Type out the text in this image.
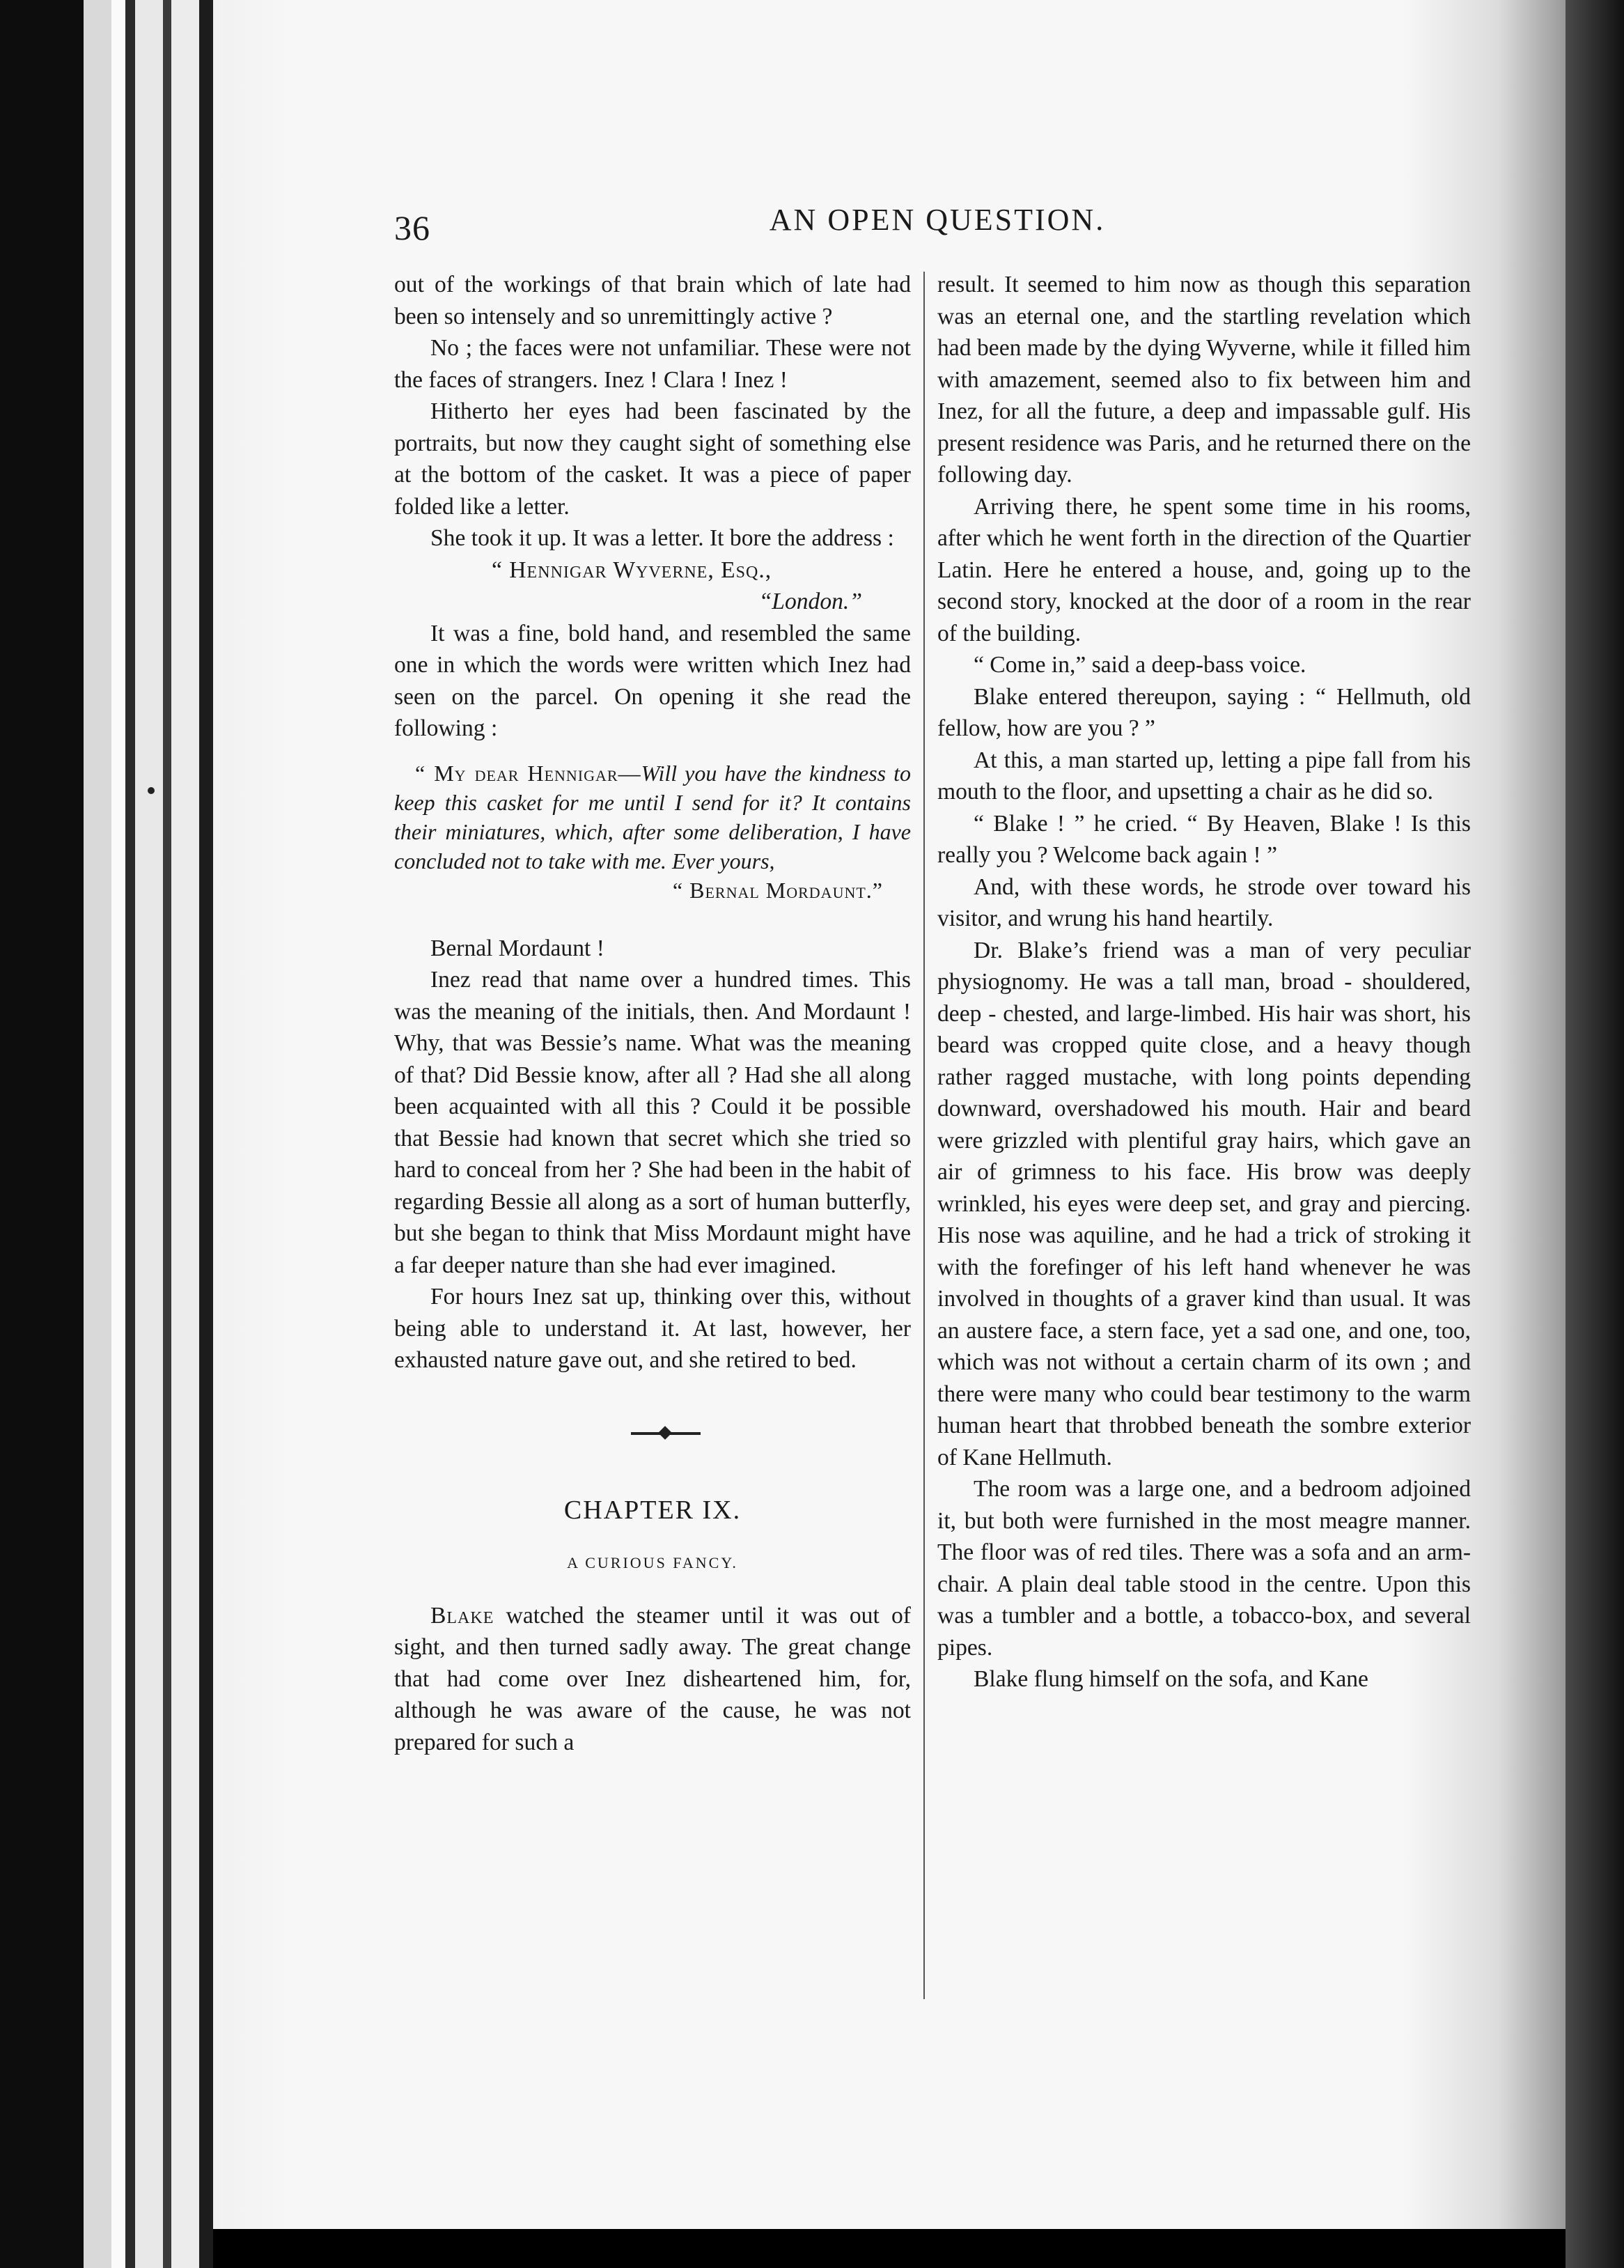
36	AN OPEN QUESTION.

out of the workings of that brain which of late had been so intensely and so unremittingly active ?

No ; the faces were not unfamiliar. These were not the faces of strangers. Inez ! Clara ! Inez !

Hitherto her eyes had been fascinated by the portraits, but now they caught sight of something else at the bottom of the casket. It was a piece of paper folded like a letter.

She took it up. It was a letter. It bore the address :

“ Hennigar Wyverne, Esq.,

“London.”

It was a fine, bold hand, and resembled the same one in which the words were written which Inez had seen on the parcel. On opening it she read the following :

“ My dear Hennigar—Will you have the kindness to keep this casket for me until I send for it? It contains their miniatures, which, after some deliberation, I have concluded not to take with me. Ever yours,

“ Bernal Mordaunt.”

Bernal Mordaunt !

Inez read that name over a hundred times. This was the meaning of the initials, then. And Mordaunt ! Why, that was Bessie’s name. What was the meaning of that? Did Bessie know, after all ? Had she all along been acquainted with all this ? Could it be possible that Bessie had known that secret which she tried so hard to conceal from her ? She had been in the habit of regarding Bessie all along as a sort of human butterfly, but she began to think that Miss Mordaunt might have a far deeper nature than she had ever imagined.

For hours Inez sat up, thinking over this, without being able to understand it. At last, however, her exhausted nature gave out, and she retired to bed.

CHAPTER IX.
A CURIOUS FANCY.

Blake watched the steamer until it was out of sight, and then turned sadly away. The great change that had come over Inez disheartened him, for, although he was aware of the cause, he was not prepared for such a

result. It seemed to him now as though this separation was an eternal one, and the startling revelation which had been made by the dying Wyverne, while it filled him with amazement, seemed also to fix between him and Inez, for all the future, a deep and impassable gulf. His present residence was Paris, and he returned there on the following day.

Arriving there, he spent some time in his rooms, after which he went forth in the direction of the Quartier Latin. Here he entered a house, and, going up to the second story, knocked at the door of a room in the rear of the building.

“ Come in,” said a deep-bass voice.

Blake entered thereupon, saying : “ Hellmuth, old fellow, how are you ? ”

At this, a man started up, letting a pipe fall from his mouth to the floor, and upsetting a chair as he did so.

“ Blake ! ” he cried. “ By Heaven, Blake ! Is this really you ? Welcome back again ! ”

And, with these words, he strode over toward his visitor, and wrung his hand heartily.

Dr. Blake’s friend was a man of very peculiar physiognomy. He was a tall man, broad - shouldered, deep - chested, and large-limbed. His hair was short, his beard was cropped quite close, and a heavy though rather ragged mustache, with long points depending downward, overshadowed his mouth. Hair and beard were grizzled with plentiful gray hairs, which gave an air of grimness to his face. His brow was deeply wrinkled, his eyes were deep set, and gray and piercing. His nose was aquiline, and he had a trick of stroking it with the forefinger of his left hand whenever he was involved in thoughts of a graver kind than usual. It was an austere face, a stern face, yet a sad one, and one, too, which was not without a certain charm of its own ; and there were many who could bear testimony to the warm human heart that throbbed beneath the sombre exterior of Kane Hellmuth.

The room was a large one, and a bedroom adjoined it, but both were furnished in the most meagre manner. The floor was of red tiles. There was a sofa and an arm-chair. A plain deal table stood in the centre. Upon this was a tumbler and a bottle, a tobacco-box, and several pipes.

Blake flung himself on the sofa, and Kane
